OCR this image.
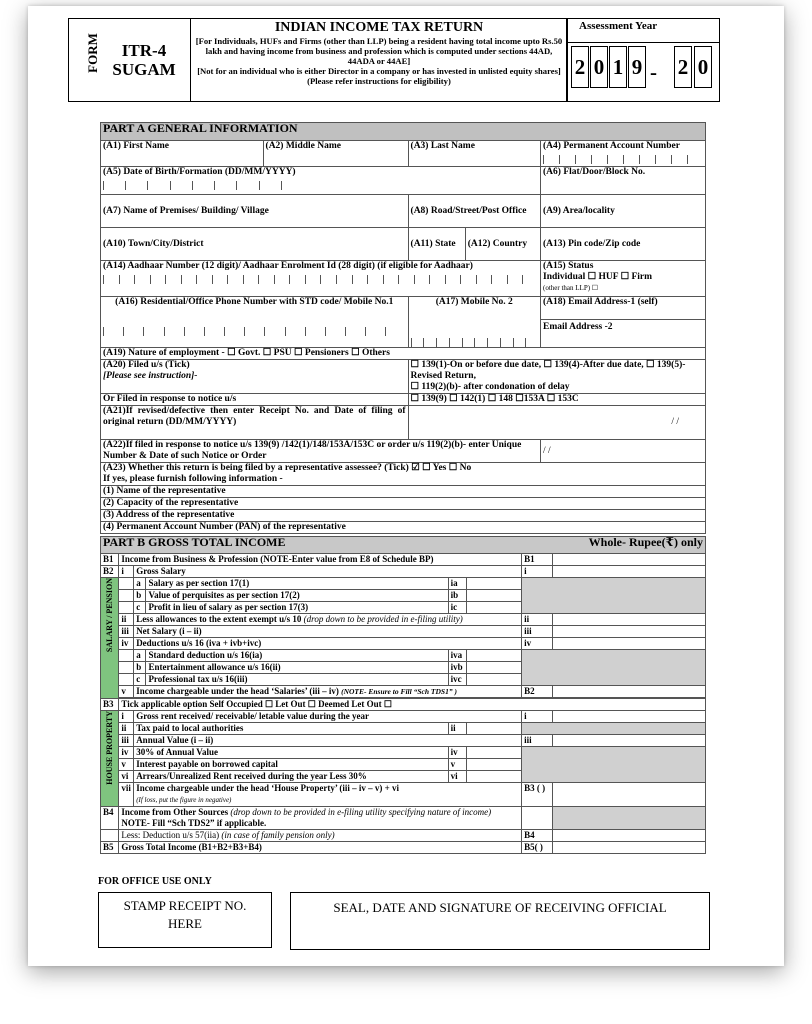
FORM	ITR-4
SUGAM
INDIAN INCOME TAX RETURN
[For Individuals, HUFs and Firms (other than LLP) being a resident having total income upto Rs.50 lakh and having income from business and profession which is computed under sections 44AD, 44ADA or 44AE]
[Not for an individual who is either Director in a company or has invested in unlisted equity shares]
(Please refer instructions for eligibility)
Assessment Year
2 0 1 9 - 2 0
PART A GENERAL INFORMATION				
(A1) First Name	(A2) Middle Name	(A3) Last Name		(A4) Permanent Account Number

(A5) Date of Birth/Formation (DD/MM/YYYY)				(A6) Flat/Door/Block No.
(A7) Name of Premises/ Building/ Village		(A8) Road/Street/Post Office		(A9) Area/locality
(A10) Town/City/District		(A11) State	(A12) Country	(A13) Pin code/Zip code
(A14) Aadhaar Number (12 digit)/ Aadhaar Enrolment Id (28 digit) (if eligible for Aadhaar)				(A15) Status
Individual ☐ HUF ☐ Firm
(other than LLP) ☐
(A16) Residential/Office Phone Number with STD code/ Mobile No.1		(A17) Mobile No. 2		(A18) Email Address-1 (self)
Email Address -2

(A19) Nature of employment - ☐ Govt. ☐ PSU ☐ Pensioners ☐ Others				
(A20) Filed u/s (Tick)
[Please see instruction]-		☐ 139(1)-On or before due date, ☐ 139(4)-After due date, ☐ 139(5)-Revised Return,
☐ 119(2)(b)- after condonation of delay		
Or Filed in response to notice u/s		☐ 139(9) ☐ 142(1) ☐ 148 ☐153A ☐ 153C		
(A21)If revised/defective then enter Receipt No. and Date of filing of original return (DD/MM/YYYY)		/ /		
(A22)If filed in response to notice u/s 139(9) /142(1)/148/153A/153C or order u/s 119(2)(b)- enter Unique Number & Date of such Notice or Order				/ /
(A23) Whether this return is being filed by a representative assessee? (Tick) ☑ ☐ Yes ☐ No
If yes, please furnish following information -				
(1) Name of the representative				
(2) Capacity of the representative				
(3) Address of the representative				
(4) Permanent Account Number (PAN) of the representative				
PART B GROSS TOTAL INCOME Whole- Rupee(₹) only							

B1	Income from Business & Profession (NOTE-Enter value from E8 of Schedule BP)					B1	
B2	i	Gross Salary				i	
SALARY / PENSION		a	Salary as per section 17(1)	ia			
		b	Value of perquisites as per section 17(2)	ib			
		c	Profit in lieu of salary as per section 17(3)	ic			
	ii	Less allowances to the extent exempt u/s 10 (drop down to be provided in e-filing utility)				ii	
	iii	Net Salary (i – ii)				iii	
	iv	Deductions u/s 16 (iva + ivb+ivc)				iv	
		a	Standard deduction u/s 16(ia)	iva			
		b	Entertainment allowance u/s 16(ii)	ivb			
		c	Professional tax u/s 16(iii)	ivc			
	v	Income chargeable under the head ‘Salaries’ (iii – iv) (NOTE- Ensure to Fill “Sch TDS1” )				B2	

B3	Tick applicable option Self Occupied ☐ Let Out ☐ Deemed Let Out ☐						
HOUSE PROPERTY	i	Gross rent received/ receivable/ letable value during the year				i	
	ii	Tax paid to local authorities		ii			
	iii	Annual Value (i – ii)				iii	
	iv	30% of Annual Value		iv			
	v	Interest payable on borrowed capital		v			
	vi	Arrears/Unrealized Rent received during the year Less 30%		vi			
	vii	Income chargeable under the head ‘House Property’ (iii – iv – v) + vi
(If loss, put the figure in negative)				B3 ( )	
B4	Income from Other Sources (drop down to be provided in e-filing utility specifying nature of income) NOTE- Fill “Sch TDS2” if applicable.						
	Less: Deduction u/s 57(iia) (in case of family pension only)					B4	
B5	Gross Total Income (B1+B2+B3+B4)					B5( )	
FOR OFFICE USE ONLY
STAMP RECEIPT NO.
HERE
SEAL, DATE AND SIGNATURE OF RECEIVING OFFICIAL
